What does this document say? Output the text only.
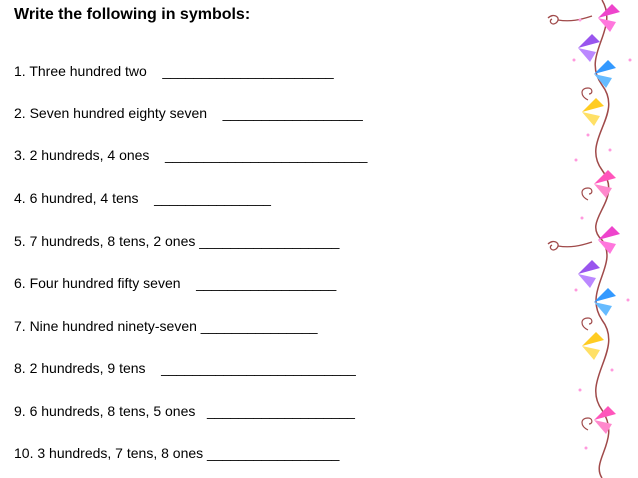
Write the following in symbols:
1. Three hundred two    ______________________
2. Seven hundred eighty seven    __________________
3. 2 hundreds, 4 ones    __________________________
4. 6 hundred, 4 tens    _______________
5. 7 hundreds, 8 tens, 2 ones __________________
6. Four hundred fifty seven    __________________
7. Nine hundred ninety-seven _______________
8. 2 hundreds, 9 tens    _________________________
9. 6 hundreds, 8 tens, 5 ones   ___________________
10. 3 hundreds, 7 tens, 8 ones _________________
